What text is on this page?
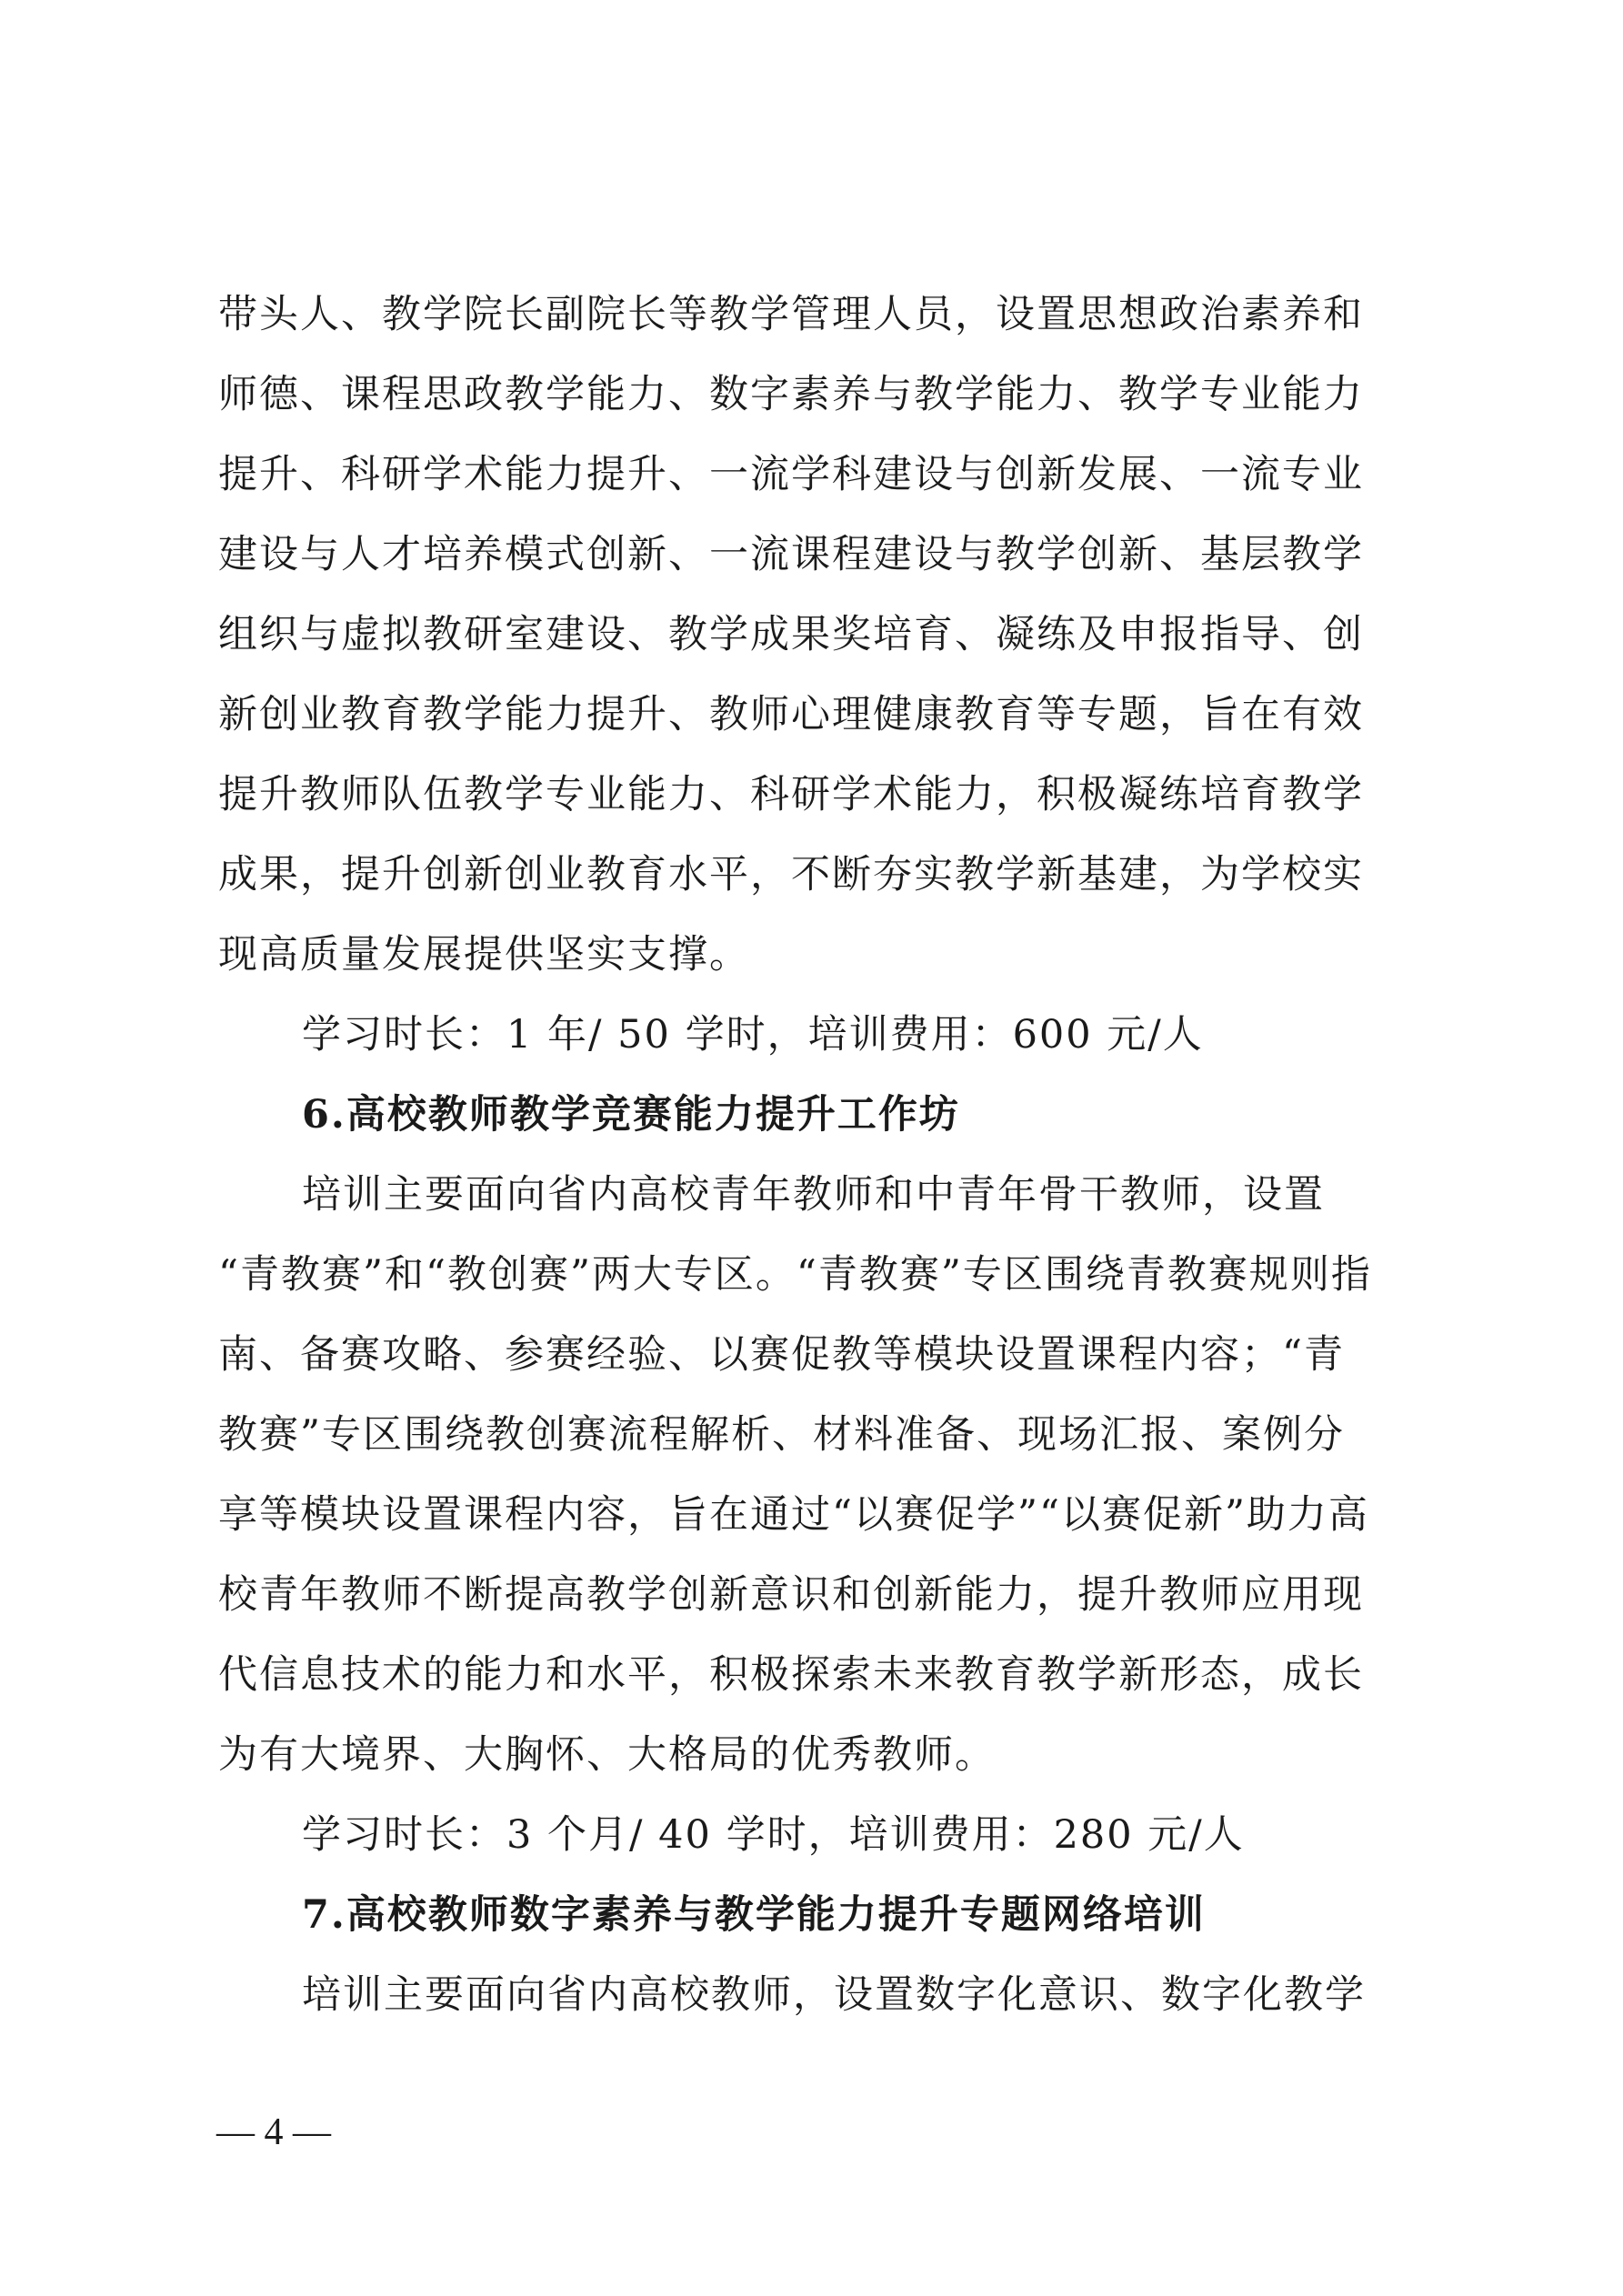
带头人、教学院长副院长等教学管理人员，设置思想政治素养和
师德、课程思政教学能力、数字素养与教学能力、教学专业能力
提升、科研学术能力提升、一流学科建设与创新发展、一流专业
建设与人才培养模式创新、一流课程建设与教学创新、基层教学
组织与虚拟教研室建设、教学成果奖培育、凝练及申报指导、创
新创业教育教学能力提升、教师心理健康教育等专题，旨在有效
提升教师队伍教学专业能力、科研学术能力，积极凝练培育教学
成果，提升创新创业教育水平，不断夯实教学新基建，为学校实
现高质量发展提供坚实支撑。
学习时长：1 年/ 50 学时，培训费用：600 元/人
6.高校教师教学竞赛能力提升工作坊
培训主要面向省内高校青年教师和中青年骨干教师，设置
“青教赛”和“教创赛”两大专区。“青教赛”专区围绕青教赛规则指
南、备赛攻略、参赛经验、以赛促教等模块设置课程内容；“青
教赛”专区围绕教创赛流程解析、材料准备、现场汇报、案例分
享等模块设置课程内容，旨在通过“以赛促学”“以赛促新”助力高
校青年教师不断提高教学创新意识和创新能力，提升教师应用现
代信息技术的能力和水平，积极探索未来教育教学新形态，成长
为有大境界、大胸怀、大格局的优秀教师。
学习时长：3 个月/ 40 学时，培训费用：280 元/人
7.高校教师数字素养与教学能力提升专题网络培训
培训主要面向省内高校教师，设置数字化意识、数字化教学
— 4 —
